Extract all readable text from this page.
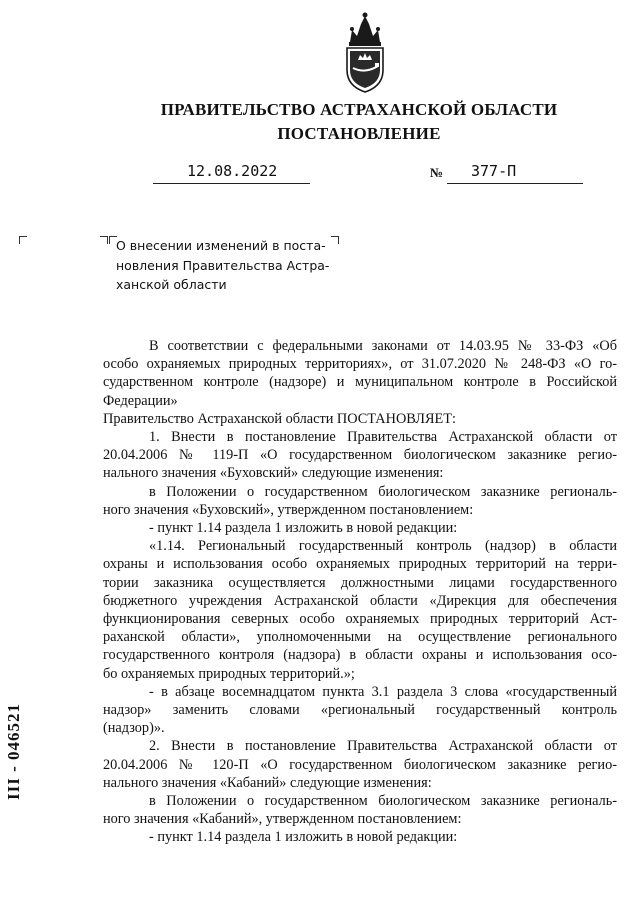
ПРАВИТЕЛЬСТВО АСТРАХАНСКОЙ ОБЛАСТИ
ПОСТАНОВЛЕНИЕ
12.08.2022	№ 377-П
О внесении изменений в поста-
новления Правительства Астра-
ханской области
В соответствии с федеральными законами от 14.03.95 № 33-ФЗ «Об
особо охраняемых природных территориях», от 31.07.2020 № 248-ФЗ «О го-
сударственном контроле (надзоре) и муниципальном контроле в Российской
Федерации»
Правительство Астраханской области ПОСТАНОВЛЯЕТ:
1. Внести в постановление Правительства Астраханской области от
20.04.2006 № 119-П «О государственном биологическом заказнике регио-
нального значения «Буховский» следующие изменения:
в Положении о государственном биологическом заказнике региональ-
ного значения «Буховский», утвержденном постановлением:
- пункт 1.14 раздела 1 изложить в новой редакции:
«1.14. Региональный государственный контроль (надзор) в области
охраны и использования особо охраняемых природных территорий на терри-
тории заказника осуществляется должностными лицами государственного
бюджетного учреждения Астраханской области «Дирекция для обеспечения
функционирования северных особо охраняемых природных территорий Аст-
раханской области», уполномоченными на осуществление регионального
государственного контроля (надзора) в области охраны и использования осо-
бо охраняемых природных территорий.»;
- в абзаце восемнадцатом пункта 3.1 раздела 3 слова «государственный
надзор» заменить словами «региональный государственный контроль
(надзор)».
2. Внести в постановление Правительства Астраханской области от
20.04.2006 № 120-П «О государственном биологическом заказнике регио-
нального значения «Кабаний» следующие изменения:
в Положении о государственном биологическом заказнике региональ-
ного значения «Кабаний», утвержденном постановлением:
- пункт 1.14 раздела 1 изложить в новой редакции:
III - 046521
